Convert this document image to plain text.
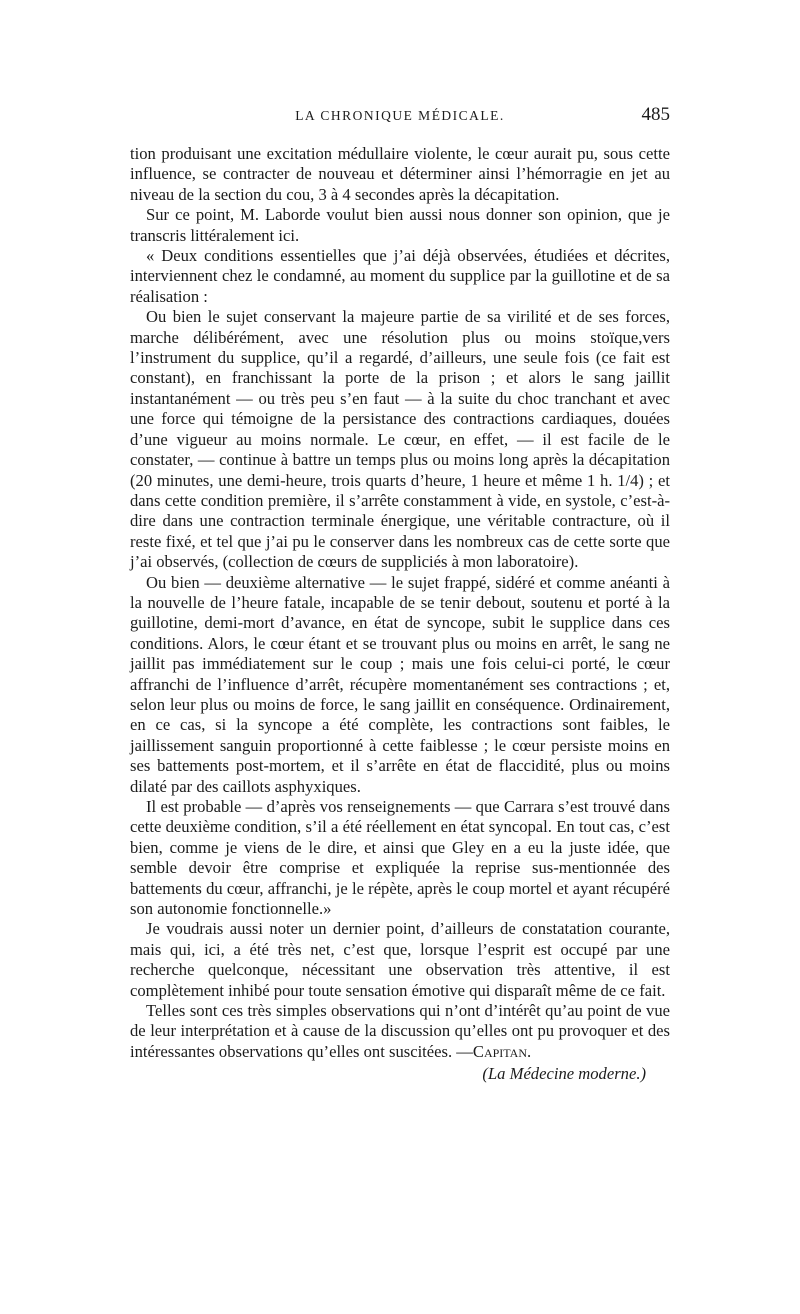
LA CHRONIQUE MÉDICALE.	485

tion produisant une excitation médullaire violente, le cœur aurait pu, sous cette influence, se contracter de nouveau et déterminer ainsi l’hémorragie en jet au niveau de la section du cou, 3 à 4 secondes après la décapitation.

Sur ce point, M. Laborde voulut bien aussi nous donner son opinion, que je transcris littéralement ici.

« Deux conditions essentielles que j’ai déjà observées, étudiées et décrites, interviennent chez le condamné, au moment du supplice par la guillotine et de sa réalisation :

Ou bien le sujet conservant la majeure partie de sa virilité et de ses forces, marche délibérément, avec une résolution plus ou moins stoïque,vers l’instrument du supplice, qu’il a regardé, d’ailleurs, une seule fois (ce fait est constant), en franchissant la porte de la prison ; et alors le sang jaillit instantanément — ou très peu s’en faut — à la suite du choc tranchant et avec une force qui témoigne de la persistance des contractions cardiaques, douées d’une vigueur au moins normale. Le cœur, en effet, — il est facile de le constater, — continue à battre un temps plus ou moins long après la décapitation (20 minutes, une demi-heure, trois quarts d’heure, 1 heure et même 1 h. 1/4) ; et dans cette condition première, il s’arrête constamment à vide, en systole, c’est-à-dire dans une contraction terminale énergique, une véritable contracture, où il reste fixé, et tel que j’ai pu le conserver dans les nombreux cas de cette sorte que j’ai observés, (collection de cœurs de suppliciés à mon laboratoire).

Ou bien — deuxième alternative — le sujet frappé, sidéré et comme anéanti à la nouvelle de l’heure fatale, incapable de se tenir debout, soutenu et porté à la guillotine, demi-mort d’avance, en état de syncope, subit le supplice dans ces conditions. Alors, le cœur étant et se trouvant plus ou moins en arrêt, le sang ne jaillit pas immédiatement sur le coup ; mais une fois celui-ci porté, le cœur affranchi de l’influence d’arrêt, récupère momentanément ses contractions ; et, selon leur plus ou moins de force, le sang jaillit en conséquence. Ordinairement, en ce cas, si la syncope a été complète, les contractions sont faibles, le jaillissement sanguin proportionné à cette faiblesse ; le cœur persiste moins en ses battements post-mortem, et il s’arrête en état de flaccidité, plus ou moins dilaté par des caillots asphyxiques.

Il est probable — d’après vos renseignements — que Carrara s’est trouvé dans cette deuxième condition, s’il a été réellement en état syncopal. En tout cas, c’est bien, comme je viens de le dire, et ainsi que Gley en a eu la juste idée, que semble devoir être comprise et expliquée la reprise sus-mentionnée des battements du cœur, affranchi, je le répète, après le coup mortel et ayant récupéré son autonomie fonctionnelle.»

Je voudrais aussi noter un dernier point, d’ailleurs de constatation courante, mais qui, ici, a été très net, c’est que, lorsque l’esprit est occupé par une recherche quelconque, nécessitant une observation très attentive, il est complètement inhibé pour toute sensation émotive qui disparaît même de ce fait.

Telles sont ces très simples observations qui n’ont d’intérêt qu’au point de vue de leur interprétation et à cause de la discussion qu’elles ont pu provoquer et des intéressantes observations qu’elles ont suscitées. —Capitan.

(La Médecine moderne.)
